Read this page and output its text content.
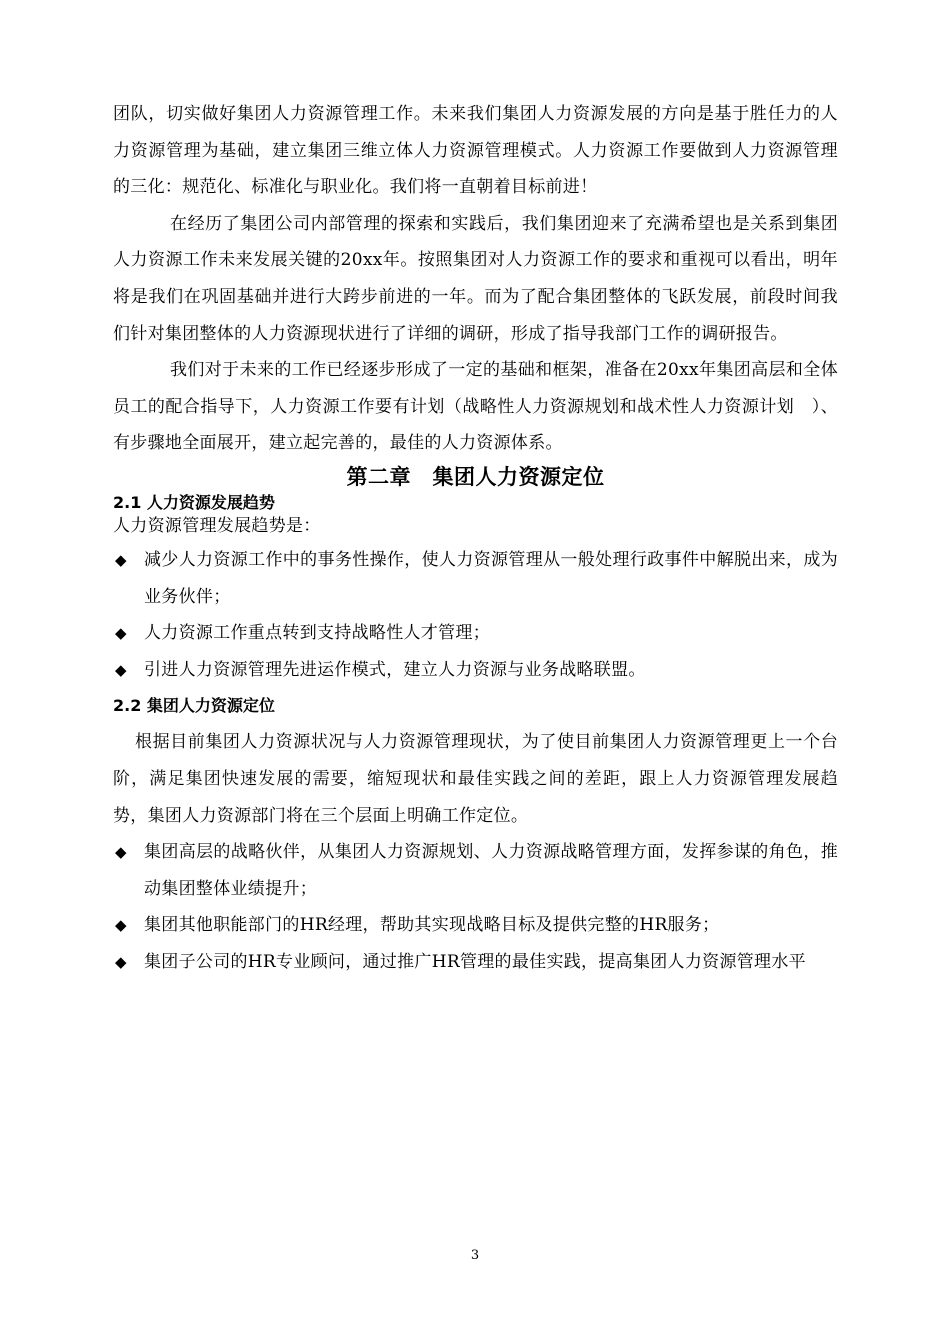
团队，切实做好集团人力资源管理工作。未来我们集团人力资源发展的方向是基于胜任力的人力资源管理为基础，建立集团三维立体人力资源管理模式。人力资源工作要做到人力资源管理的三化：规范化、标准化与职业化。我们将一直朝着目标前进！

在经历了集团公司内部管理的探索和实践后，我们集团迎来了充满希望也是关系到集团人力资源工作未来发展关键的20xx年。按照集团对人力资源工作的要求和重视可以看出，明年将是我们在巩固基础并进行大跨步前进的一年。而为了配合集团整体的飞跃发展，前段时间我们针对集团整体的人力资源现状进行了详细的调研，形成了指导我部门工作的调研报告。

我们对于未来的工作已经逐步形成了一定的基础和框架，准备在20xx年集团高层和全体员工的配合指导下，人力资源工作要有计划（战略性人力资源规划和战术性人力资源计划　）、有步骤地全面展开，建立起完善的，最佳的人力资源体系。

第二章　集团人力资源定位
2.1 人力资源发展趋势

人力资源管理发展趋势是：

◆ 减少人力资源工作中的事务性操作，使人力资源管理从一般处理行政事件中解脱出来，成为业务伙伴；
◆ 人力资源工作重点转到支持战略性人才管理；
◆ 引进人力资源管理先进运作模式，建立人力资源与业务战略联盟。
2.2 集团人力资源定位

根据目前集团人力资源状况与人力资源管理现状，为了使目前集团人力资源管理更上一个台阶，满足集团快速发展的需要，缩短现状和最佳实践之间的差距，跟上人力资源管理发展趋势，集团人力资源部门将在三个层面上明确工作定位。

◆ 集团高层的战略伙伴，从集团人力资源规划、人力资源战略管理方面，发挥参谋的角色，推动集团整体业绩提升；
◆ 集团其他职能部门的HR经理，帮助其实现战略目标及提供完整的HR服务；
◆ 集团子公司的HR专业顾问，通过推广HR管理的最佳实践，提高集团人力资源管理水平
3
